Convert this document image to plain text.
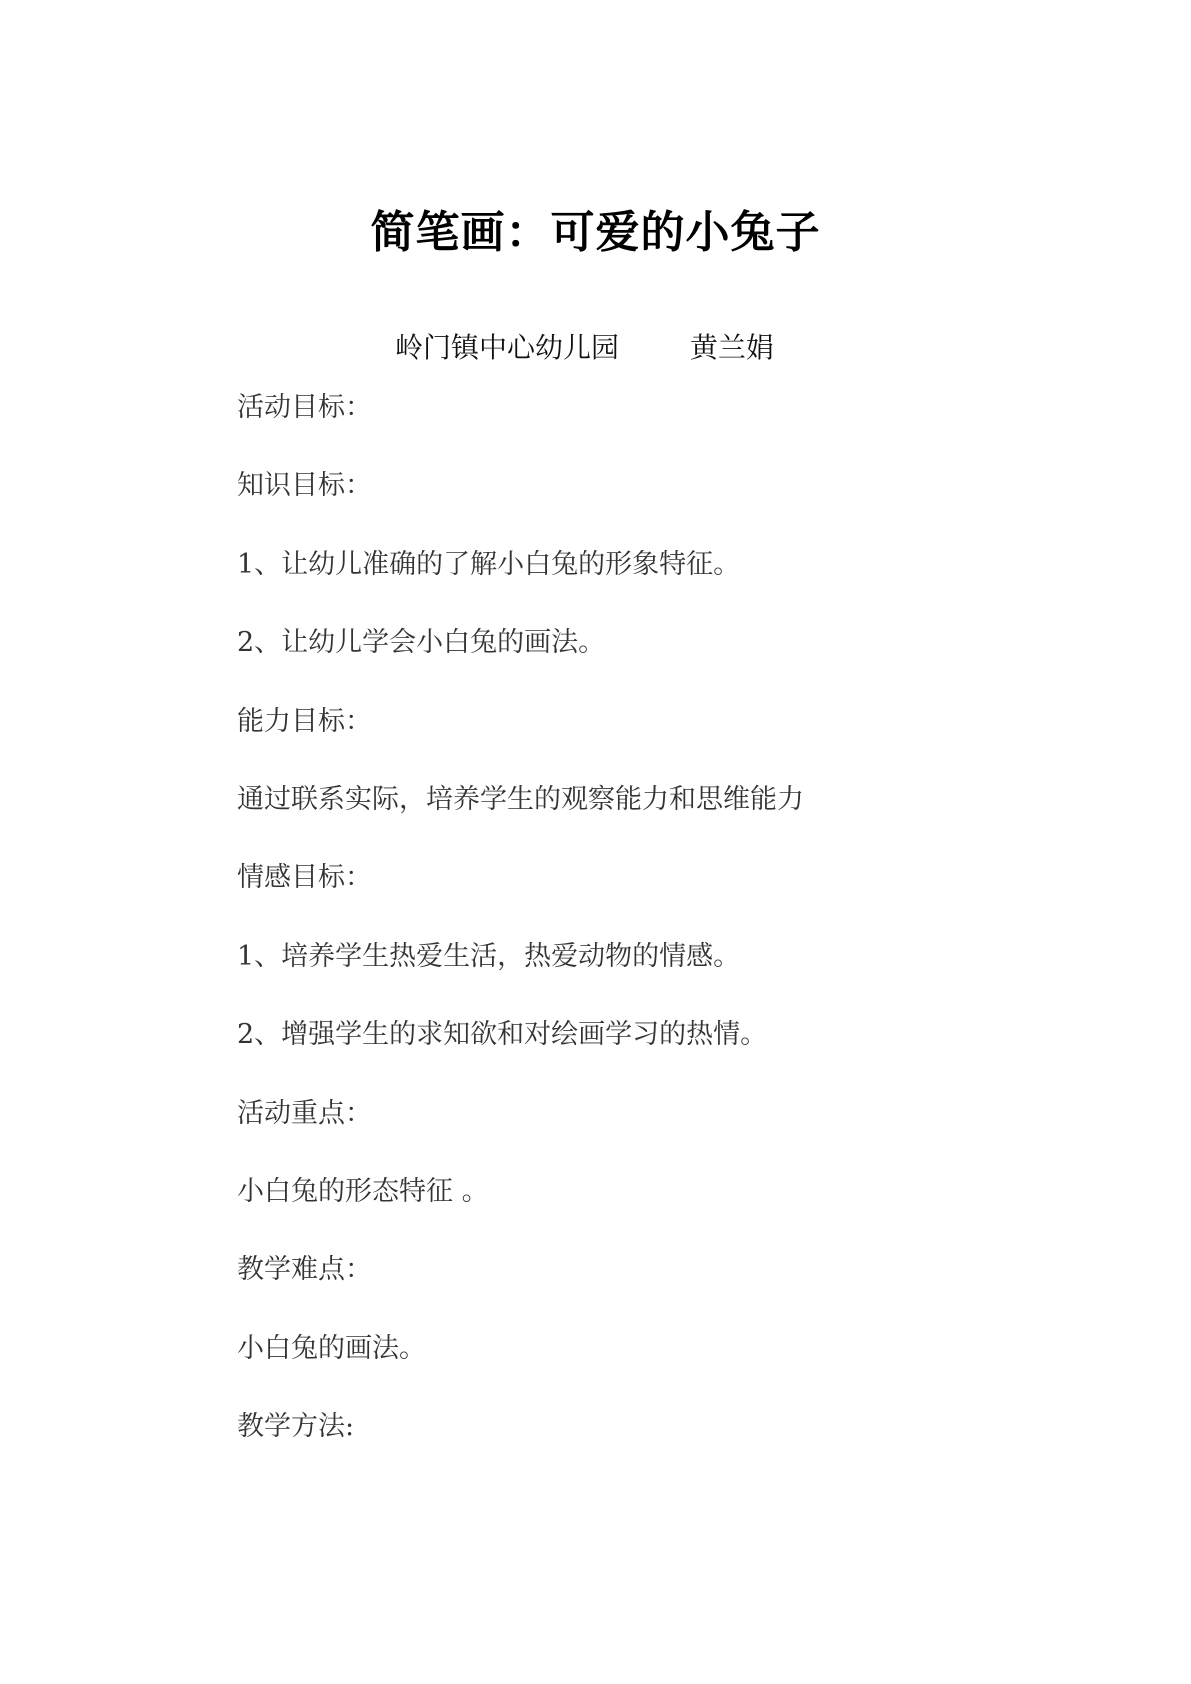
简笔画：可爱的小兔子
岭门镇中心幼儿园	黄兰娟
活动目标：
知识目标：
1、让幼儿准确的了解小白兔的形象特征。
2、让幼儿学会小白兔的画法。
能力目标：
通过联系实际，培养学生的观察能力和思维能力
情感目标：
1、培养学生热爱生活，热爱动物的情感。
2、增强学生的求知欲和对绘画学习的热情。
活动重点：
小白兔的形态特征 。
教学难点：
小白兔的画法。
教学方法:
